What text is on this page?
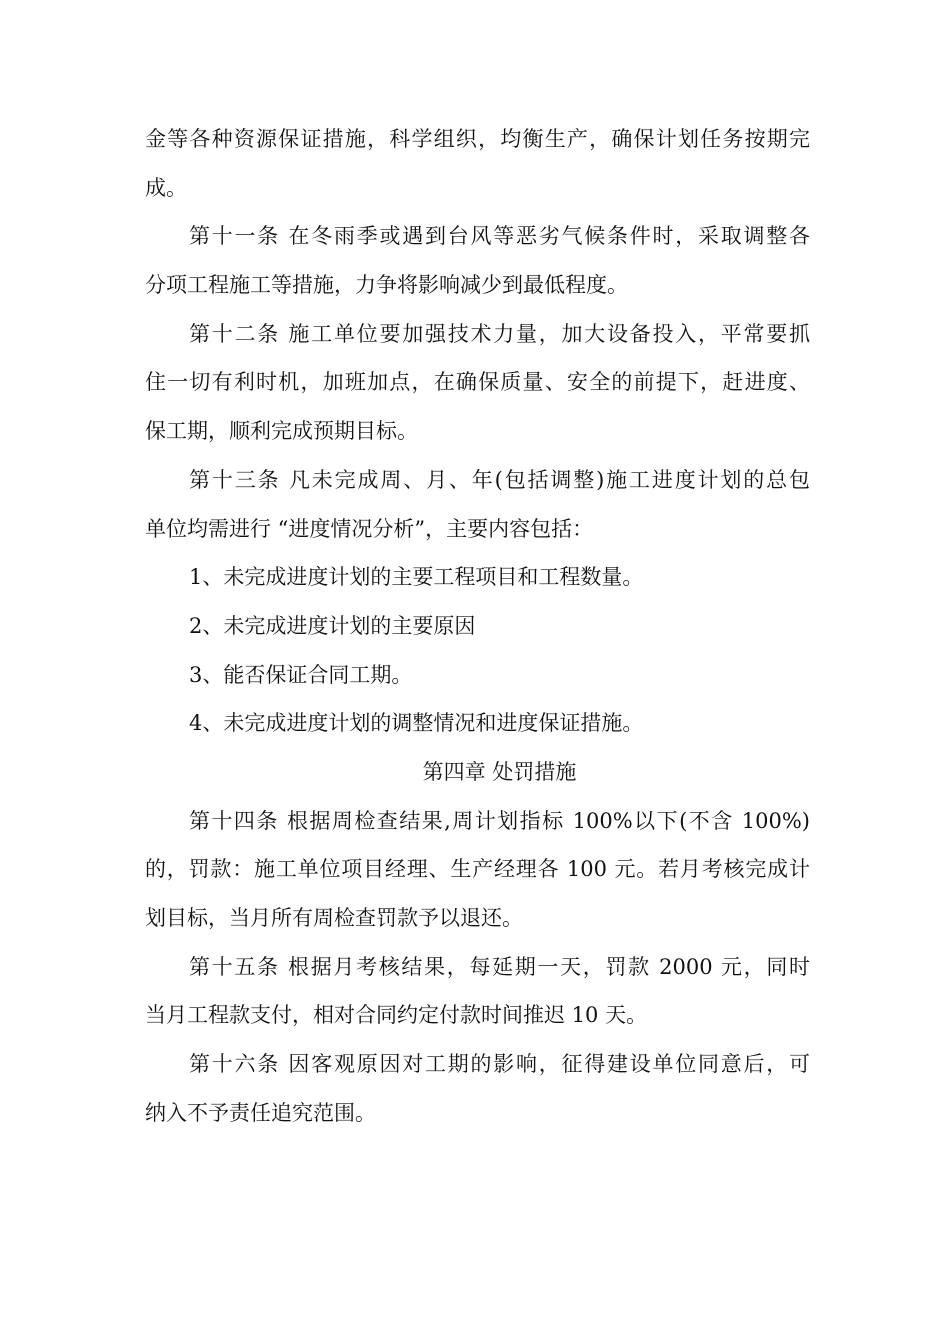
金等各种资源保证措施，科学组织，均衡生产，确保计划任务按期完
成。
第十一条 在冬雨季或遇到台风等恶劣气候条件时，采取调整各
分项工程施工等措施，力争将影响减少到最低程度。
第十二条 施工单位要加强技术力量，加大设备投入，平常要抓
住一切有利时机，加班加点，在确保质量、安全的前提下，赶进度、
保工期，顺利完成预期目标。
第十三条 凡未完成周、月、年(包括调整)施工进度计划的总包
单位均需进行 “进度情况分析”，主要内容包括：
1、未完成进度计划的主要工程项目和工程数量。
2、未完成进度计划的主要原因
3、能否保证合同工期。
4、未完成进度计划的调整情况和进度保证措施。
第四章 处罚措施
第十四条 根据周检查结果,周计划指标 100%以下(不含 100%)
的，罚款：施工单位项目经理、生产经理各 100 元。若月考核完成计
划目标，当月所有周检查罚款予以退还。
第十五条 根据月考核结果，每延期一天，罚款 2000 元，同时
当月工程款支付，相对合同约定付款时间推迟 10 天。
第十六条 因客观原因对工期的影响，征得建设单位同意后，可
纳入不予责任追究范围。
